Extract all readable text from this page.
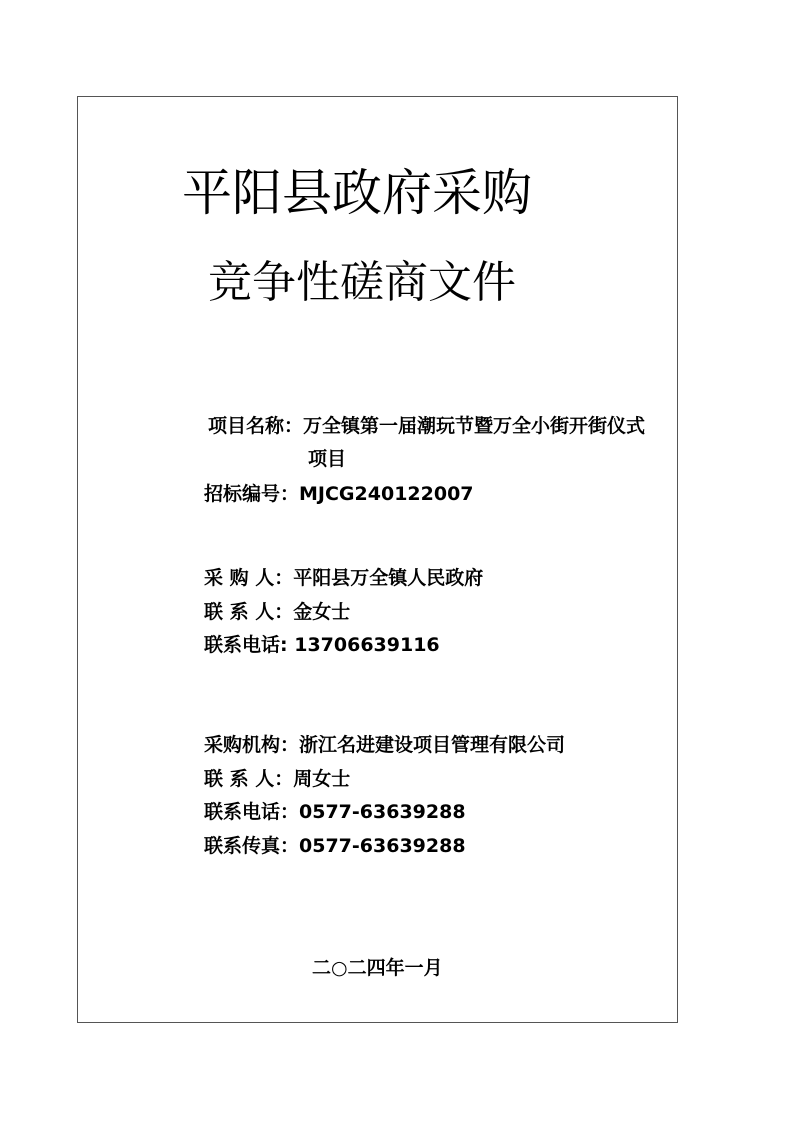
平阳县政府采购
竞争性磋商文件
项目名称：万全镇第一届潮玩节暨万全小街开街仪式
项目
招标编号：MJCG240122007
采 购 人：平阳县万全镇人民政府
联 系 人：金女士
联系电话: 13706639116
采购机构：浙江名进建设项目管理有限公司
联 系 人：周女士
联系电话：0577-63639288
联系传真：0577-63639288
二○二四年一月
